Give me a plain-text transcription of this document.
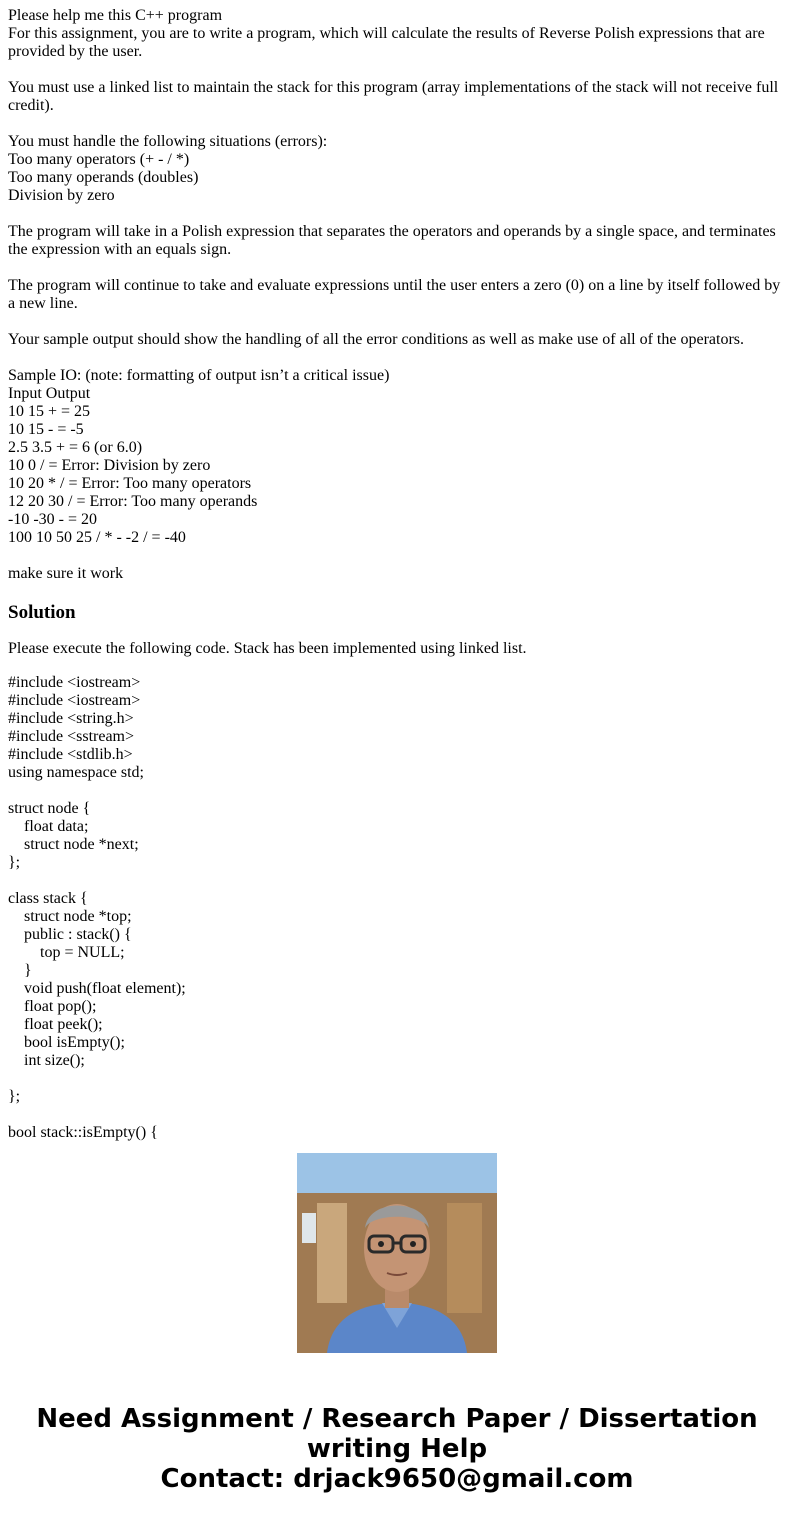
Please help me this C++ program
For this assignment, you are to write a program, which will calculate the results of Reverse Polish expressions that are provided by the user.
You must use a linked list to maintain the stack for this program (array implementations of the stack will not receive full credit).
You must handle the following situations (errors):
Too many operators (+ - / *)
Too many operands (doubles)
Division by zero
The program will take in a Polish expression that separates the operators and operands by a single space, and terminates the expression with an equals sign.
The program will continue to take and evaluate expressions until the user enters a zero (0) on a line by itself followed by a new line.
Your sample output should show the handling of all the error conditions as well as make use of all of the operators.
Sample IO: (note: formatting of output isn’t a critical issue)
Input Output
10 15 + = 25
10 15 - = -5
2.5 3.5 + = 6 (or 6.0)
10 0 / = Error: Division by zero
10 20 * / = Error: Too many operators
12 20 30 / = Error: Too many operands
-10 -30 - = 20
100 10 50 25 / * - -2 / = -40
make sure it work
Solution
Please execute the following code. Stack has been implemented using linked list.
#include <iostream>
#include <iostream>
#include <string.h>
#include <sstream>
#include <stdlib.h>
using namespace std;

struct node {
float data;
struct node *next;
};

class stack {
struct node *top;
public : stack() {
top = NULL;
}
void push(float element);
float pop();
float peek();
bool isEmpty();
int size();

};

bool stack::isEmpty() {
Need Assignment / Research Paper / Dissertation
writing Help
Contact: drjack9650@gmail.com
